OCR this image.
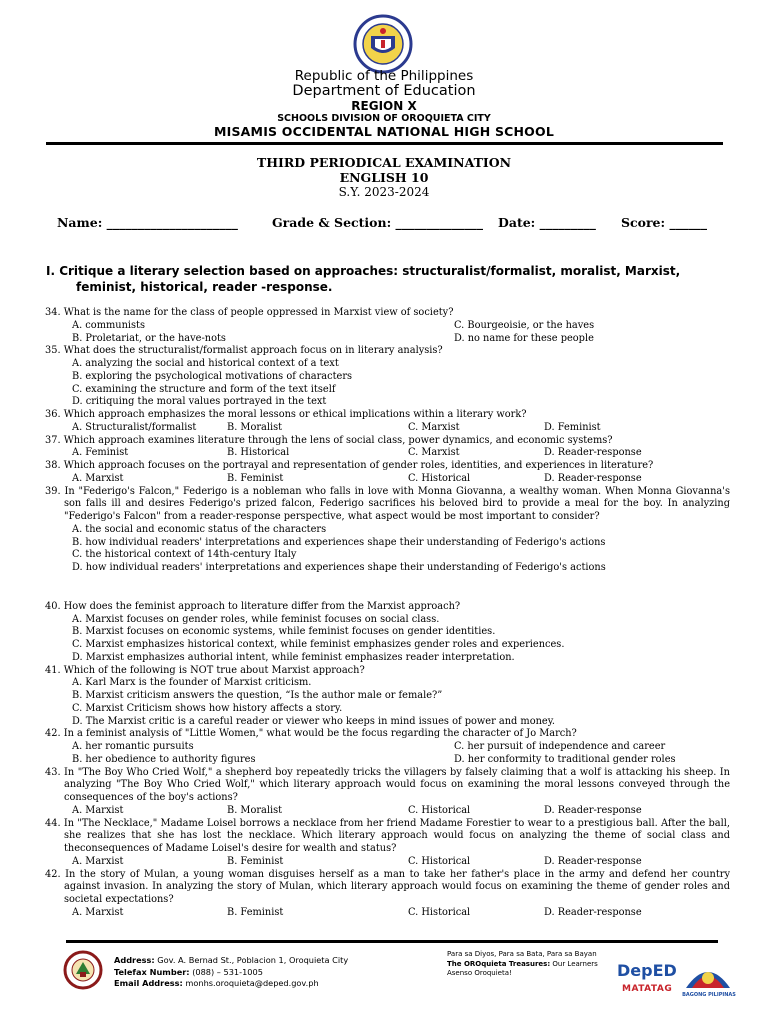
Republic of the Philippines
Department of Education
REGION X
SCHOOLS DIVISION OF OROQUIETA CITY
MISAMIS OCCIDENTAL NATIONAL HIGH SCHOOL
THIRD PERIODICAL EXAMINATION
ENGLISH 10
S.Y. 2023-2024
Name: _____________________	Grade & Section: ______________ Date: _________ Score: ______
I. Critique a literary selection based on approaches: structuralist/formalist, moralist, Marxist,
feminist, historical, reader -response.
34. What is the name for the class of people oppressed in Marxist view of society?
A. communists	C. Bourgeoisie, or the haves
B. Proletariat, or the have-nots	D. no name for these people
35. What does the structuralist/formalist approach focus on in literary analysis?
A. analyzing the social and historical context of a text
B. exploring the psychological motivations of characters
C. examining the structure and form of the text itself
D. critiquing the moral values portrayed in the text
36. Which approach emphasizes the moral lessons or ethical implications within a literary work?
A. Structuralist/formalist	B. Moralist	C. Marxist	D. Feminist
37. Which approach examines literature through the lens of social class, power dynamics, and economic systems?
A. Feminist	B. Historical	C. Marxist	D. Reader-response
38. Which approach focuses on the portrayal and representation of gender roles, identities, and experiences in literature?
A. Marxist	B. Feminist	C. Historical	D. Reader-response
39. In "Federigo's Falcon," Federigo is a nobleman who falls in love with Monna Giovanna, a wealthy woman. When Monna Giovanna's son falls ill and desires Federigo's prized falcon, Federigo sacrifices his beloved bird to provide a meal for the boy. In analyzing "Federigo's Falcon" from a reader-response perspective, what aspect would be most important to consider?
A. the social and economic status of the characters
B. how individual readers' interpretations and experiences shape their understanding of Federigo's actions
C. the historical context of 14th-century Italy
D. how individual readers' interpretations and experiences shape their understanding of Federigo's actions
40. How does the feminist approach to literature differ from the Marxist approach?
A. Marxist focuses on gender roles, while feminist focuses on social class.
B. Marxist focuses on economic systems, while feminist focuses on gender identities.
C. Marxist emphasizes historical context, while feminist emphasizes gender roles and experiences.
D. Marxist emphasizes authorial intent, while feminist emphasizes reader interpretation.
41. Which of the following is NOT true about Marxist approach?
A. Karl Marx is the founder of Marxist criticism.
B. Marxist criticism answers the question, “Is the author male or female?”
C. Marxist Criticism shows how history affects a story.
D. The Marxist critic is a careful reader or viewer who keeps in mind issues of power and money.
42. In a feminist analysis of "Little Women," what would be the focus regarding the character of Jo March?
A. her romantic pursuits	C. her pursuit of independence and career
B. her obedience to authority figures	D. her conformity to traditional gender roles
43. In "The Boy Who Cried Wolf," a shepherd boy repeatedly tricks the villagers by falsely claiming that a wolf is attacking his sheep. In analyzing "The Boy Who Cried Wolf," which literary approach would focus on examining the moral lessons conveyed through the consequences of the boy's actions?
A. Marxist	B. Moralist	C. Historical	D. Reader-response
44. In "The Necklace," Madame Loisel borrows a necklace from her friend Madame Forestier to wear to a prestigious ball. After the ball, she realizes that she has lost the necklace. Which literary approach would focus on analyzing the theme of social class and theconsequences of Madame Loisel's desire for wealth and status?
A. Marxist	B. Feminist	C. Historical	D. Reader-response
42. In the story of Mulan, a young woman disguises herself as a man to take her father's place in the army and defend her country against invasion. In analyzing the story of Mulan, which literary approach would focus on examining the theme of gender roles and societal expectations?
A. Marxist	B. Feminist	C. Historical	D. Reader-response
Address: Gov. A. Bernad St., Poblacion 1, Oroquieta City
Telefax Number: (088) – 531-1005
Email Address: monhs.oroquieta@deped.gov.ph
Para sa Diyos, Para sa Bata, Para sa Bayan
The OROquieta Treasures: Our Learners
Asenso Oroquieta!	DepED
MATATAG
BAGONG PILIPINAS
